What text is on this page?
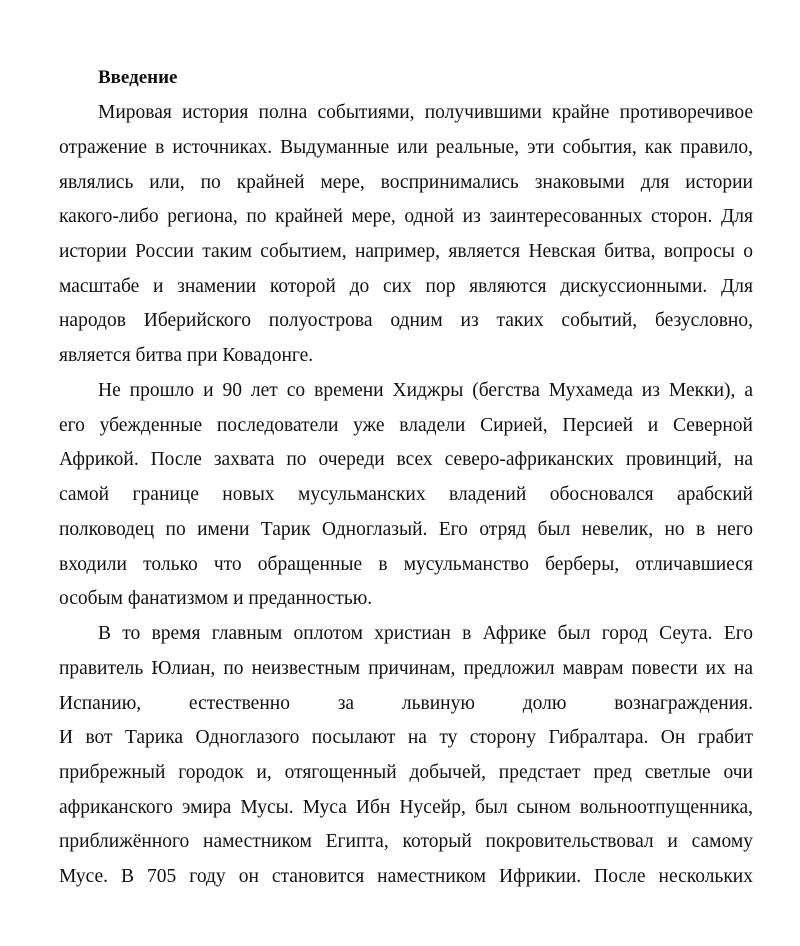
Введение
Мировая история полна событиями, получившими крайне противоречивое
отражение в источниках. Выдуманные или реальные, эти события, как правило,
являлись или, по крайней мере, воспринимались знаковыми для истории
какого-либо региона, по крайней мере, одной из заинтересованных сторон. Для
истории России таким событием, например, является Невская битва, вопросы о
масштабе и знамении которой до сих пор являются дискуссионными. Для
народов Иберийского полуострова одним из таких событий, безусловно,
является битва при Ковадонге.
Не прошло и 90 лет со времени Хиджры (бегства Мухамеда из Мекки), а
его убежденные последователи уже владели Сирией, Персией и Северной
Африкой. После захвата по очереди всех северо-африканских провинций, на
самой границе новых мусульманских владений обосновался арабский
полководец по имени Тарик Одноглазый. Его отряд был невелик, но в него
входили только что обращенные в мусульманство берберы, отличавшиеся
особым фанатизмом и преданностью.
В то время главным оплотом христиан в Африке был город Сеута. Его
правитель Юлиан, по неизвестным причинам, предложил маврам повести их на
Испанию, естественно за львиную долю вознаграждения.
И вот Тарика Одноглазого посылают на ту сторону Гибралтара. Он грабит
прибрежный городок и, отягощенный добычей, предстает пред светлые очи
африканского эмира Мусы. Муса Ибн Нусейр, был сыном вольноотпущенника,
приближённого наместником Египта, который покровительствовал и самому
Мусе. В 705 году он становится наместником Ифрикии. После нескольких
